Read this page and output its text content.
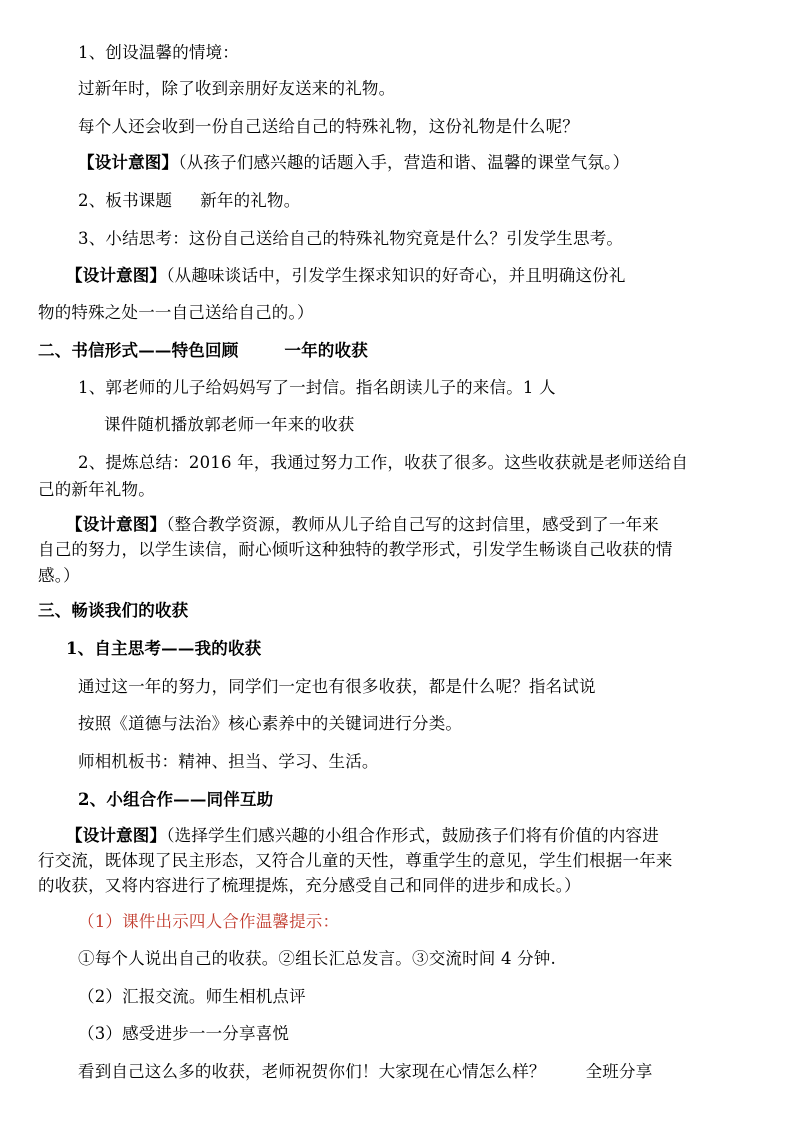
1、创设温馨的情境：
过新年时，除了收到亲朋好友送来的礼物。
每个人还会收到一份自己送给自己的特殊礼物，这份礼物是什么呢？
【设计意图】（从孩子们感兴趣的话题入手，营造和谐、温馨的课堂气氛。）
2、板书课题 新年的礼物。
3、小结思考：这份自己送给自己的特殊礼物究竟是什么？引发学生思考。
【设计意图】（从趣味谈话中，引发学生探求知识的好奇心，并且明确这份礼
物的特殊之处一一自己送给自己的。）
二、书信形式——特色回顾	一年的收获
1、郭老师的儿子给妈妈写了一封信。指名朗读儿子的来信。1 人
课件随机播放郭老师一年来的收获
2、提炼总结：2016 年，我通过努力工作，收获了很多。这些收获就是老师送给自
己的新年礼物。
【设计意图】（整合教学资源，教师从儿子给自己写的这封信里，感受到了一年来
自己的努力，以学生读信，耐心倾听这种独特的教学形式，引发学生畅谈自己收获的情
感。）
三、畅谈我们的收获
1、自主思考——我的收获
通过这一年的努力，同学们一定也有很多收获，都是什么呢？指名试说
按照《道德与法治》核心素养中的关键词进行分类。
师相机板书：精神、担当、学习、生活。
2、小组合作——同伴互助
【设计意图】（选择学生们感兴趣的小组合作形式，鼓励孩子们将有价值的内容进
行交流，既体现了民主形态，又符合儿童的天性，尊重学生的意见，学生们根据一年来
的收获，又将内容进行了梳理提炼，充分感受自己和同伴的进步和成长。）
（1）课件出示四人合作温馨提示：
①每个人说出自己的收获。②组长汇总发言。③交流时间 4 分钟.
（2）汇报交流。师生相机点评
（3）感受进步一一分享喜悦
看到自己这么多的收获，老师祝贺你们！大家现在心情怎么样？ 全班分享
